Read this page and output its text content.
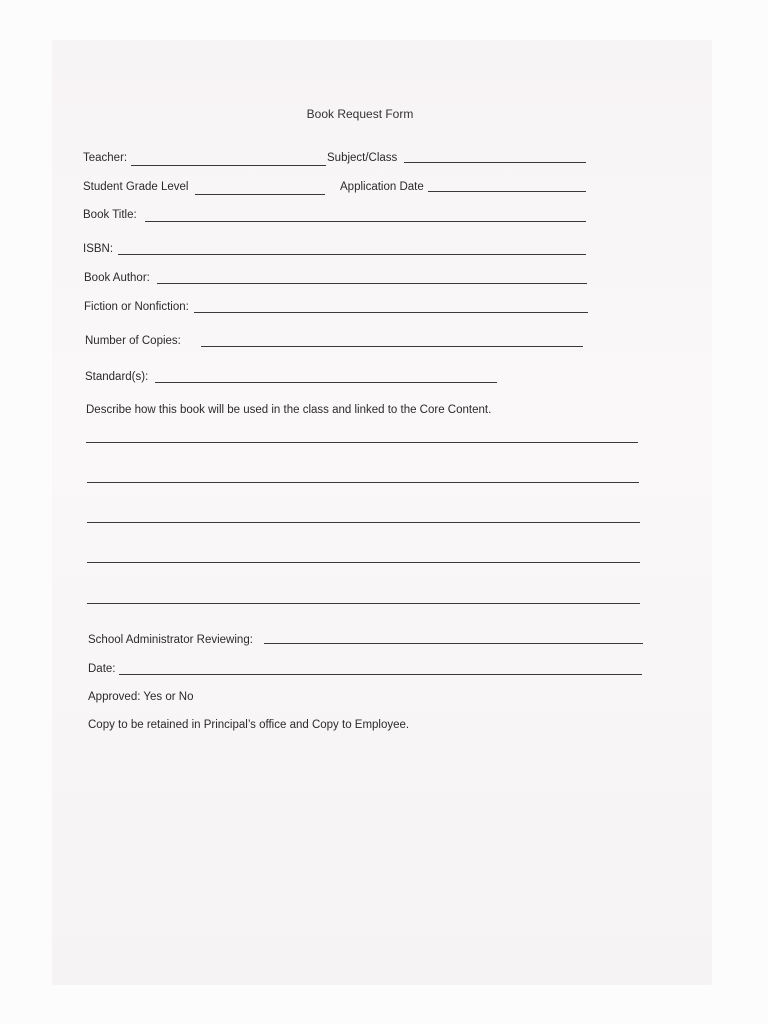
Book Request Form
Teacher:	Subject/Class
Student Grade Level	Application Date
Book Title:
ISBN:
Book Author:
Fiction or Nonfiction:
Number of Copies:
Standard(s):
Describe how this book will be used in the class and linked to the Core Content.
School Administrator Reviewing:
Date:
Approved: Yes or No
Copy to be retained in Principal’s office and Copy to Employee.
